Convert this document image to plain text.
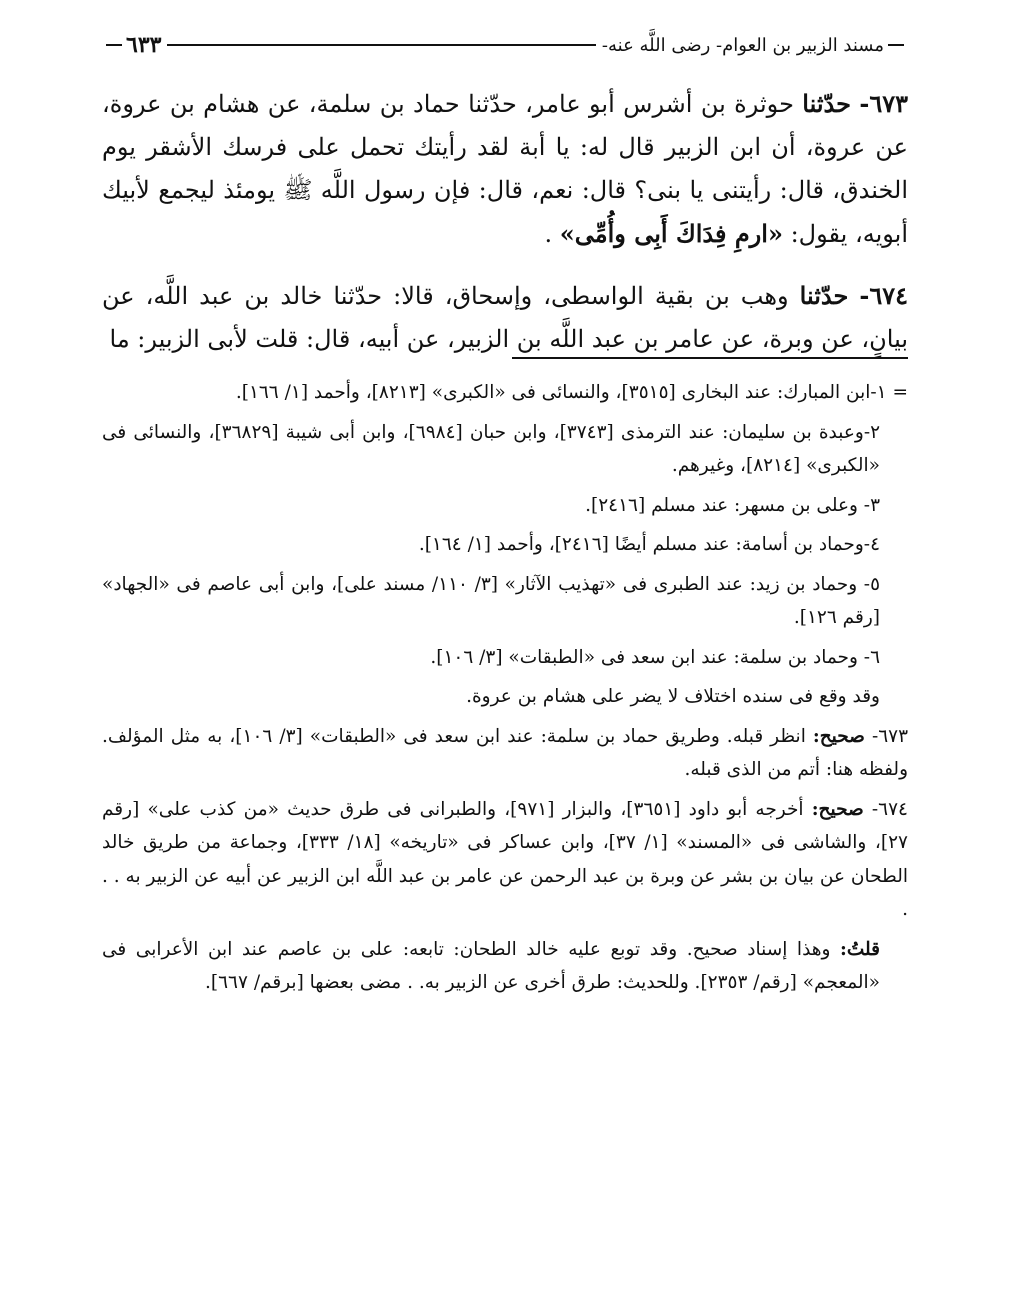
مسند الزبير بن العوام- رضى اللَّه عنه-
٦٣٣

٦٧٣- حدّثنا حوثرة بن أشرس أبو عامر، حدّثنا حماد بن سلمة، عن هشام بن عروة، عن عروة، أن ابن الزبير قال له: يا أبة لقد رأيتك تحمل على فرسك الأشقر يوم الخندق، قال: رأيتنى يا بنى؟ قال: نعم، قال: فإن رسول اللَّه ﷺ يومئذ ليجمع لأبيك أبويه، يقول: «ارمِ فِدَاكَ أَبِى وأُمِّى» .

٦٧٤- حدّثنا وهب بن بقية الواسطى، وإسحاق، قالا: حدّثنا خالد بن عبد اللَّه، عن بيانٍ، عن وبرة، عن عامر بن عبد اللَّه بن الزبير، عن أبيه، قال: قلت لأبى الزبير: ما

= ١-ابن المبارك: عند البخارى [٣٥١٥]، والنسائى فى «الكبرى» [٨٢١٣]، وأحمد [١/ ١٦٦].

٢-وعبدة بن سليمان: عند الترمذى [٣٧٤٣]، وابن حبان [٦٩٨٤]، وابن أبى شيبة [٣٦٨٢٩]، والنسائى فى «الكبرى» [٨٢١٤]، وغيرهم.

٣- وعلى بن مسهر: عند مسلم [٢٤١٦].

٤-وحماد بن أسامة: عند مسلم أيضًا [٢٤١٦]، وأحمد [١/ ١٦٤].

٥- وحماد بن زيد: عند الطبرى فى «تهذيب الآثار» [٣/ ١١٠/ مسند على]، وابن أبى عاصم فى «الجهاد» [رقم ١٢٦].

٦- وحماد بن سلمة: عند ابن سعد فى «الطبقات» [٣/ ١٠٦].

وقد وقع فى سنده اختلاف لا يضر على هشام بن عروة.

٦٧٣- صحيح: انظر قبله. وطريق حماد بن سلمة: عند ابن سعد فى «الطبقات» [٣/ ١٠٦]، به مثل المؤلف. ولفظه هنا: أتم من الذى قبله.

٦٧٤- صحيح: أخرجه أبو داود [٣٦٥١]، والبزار [٩٧١]، والطبرانى فى طرق حديث «من كذب على» [رقم ٢٧]، والشاشى فى «المسند» [١/ ٣٧]، وابن عساكر فى «تاريخه» [١٨/ ٣٣٣]، وجماعة من طريق خالد الطحان عن بيان بن بشر عن وبرة بن عبد الرحمن عن عامر بن عبد اللَّه ابن الزبير عن أبيه عن الزبير به . . .

قلتُ: وهذا إسناد صحيح. وقد توبع عليه خالد الطحان: تابعه: على بن عاصم عند ابن الأعرابى فى «المعجم» [رقم/ ٢٣٥٣]. وللحديث: طرق أخرى عن الزبير به. . مضى بعضها [برقم/ ٦٦٧].
